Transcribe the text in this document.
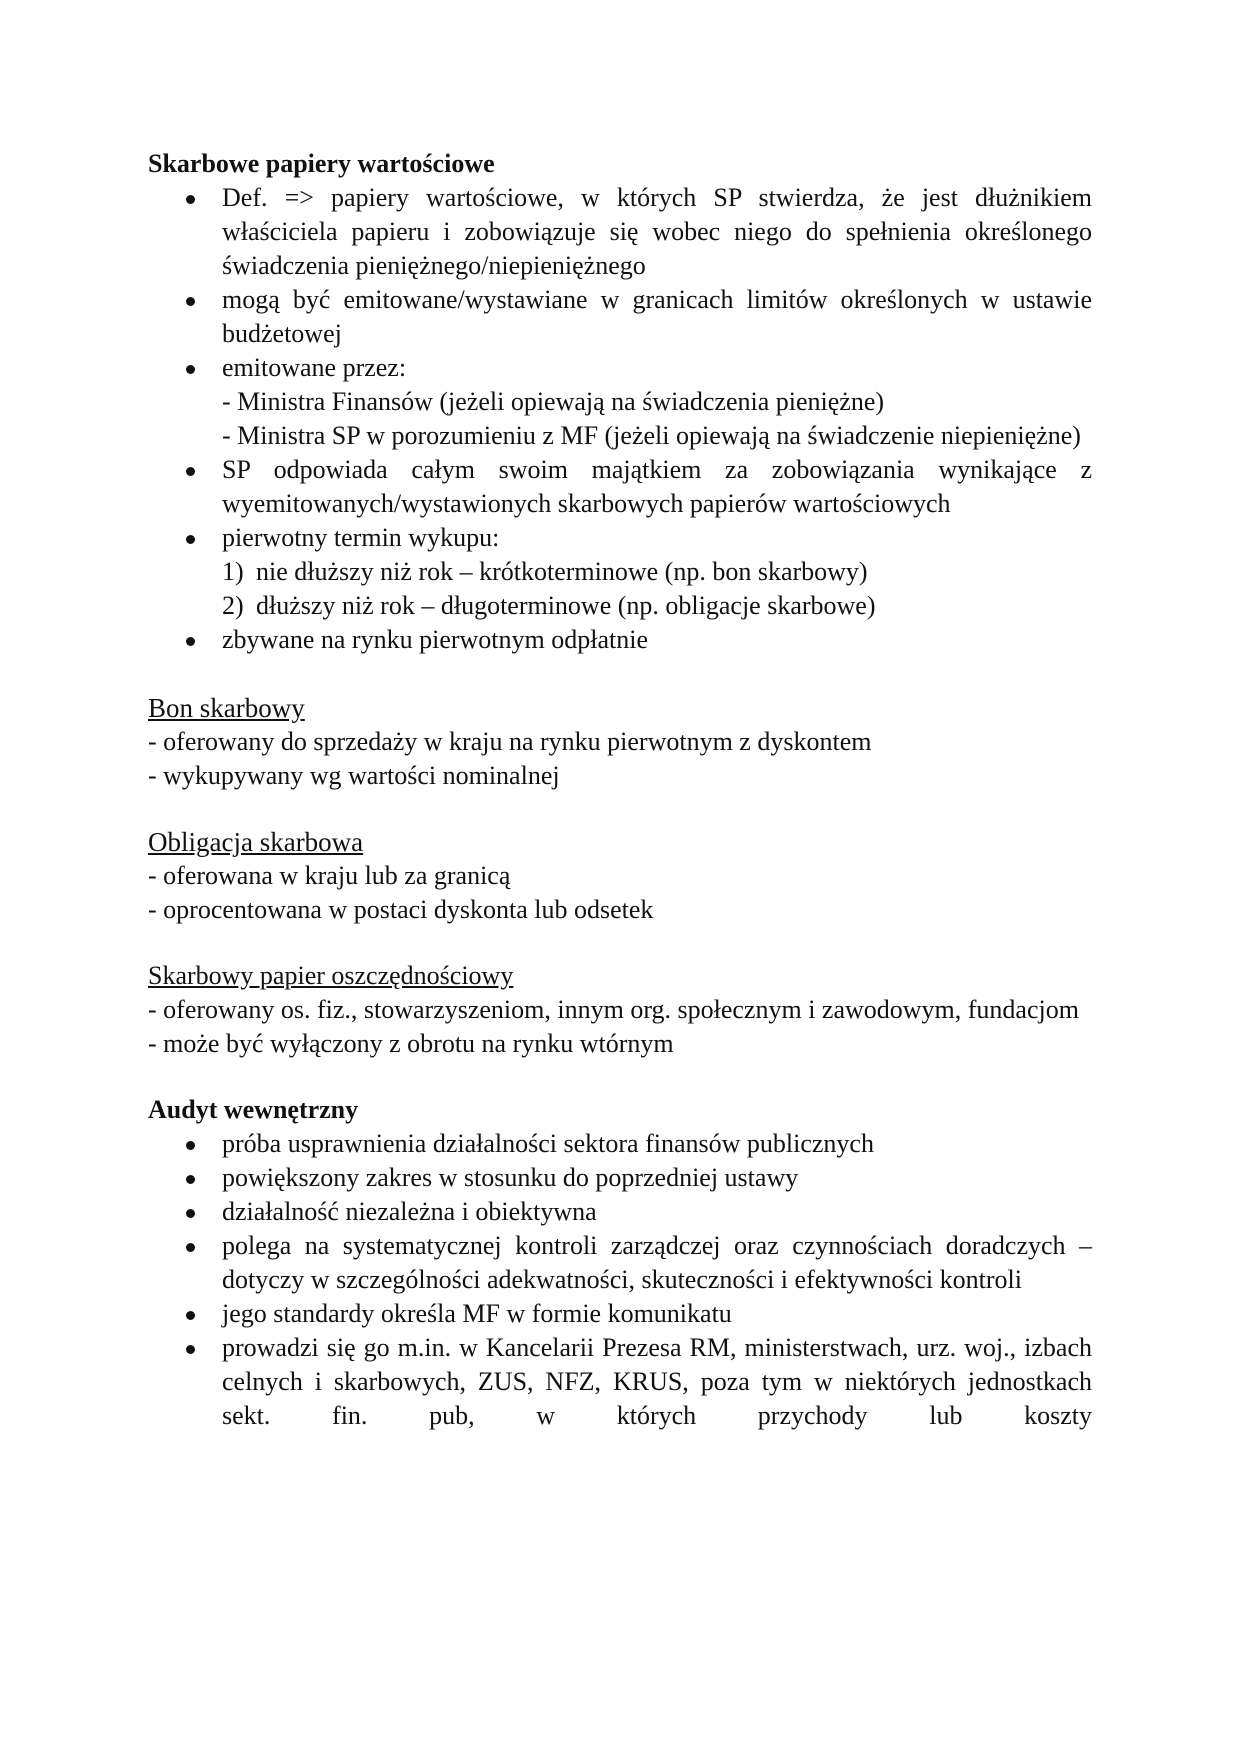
Skarbowe papiery wartościowe

Def. => papiery wartościowe, w których SP stwierdza, że jest dłużnikiem właściciela papieru i zobowiązuje się wobec niego do spełnienia określonego świadczenia pieniężnego/niepieniężnego
mogą być emitowane/wystawiane w granicach limitów określonych w ustawie budżetowej
emitowane przez:
- Ministra Finansów (jeżeli opiewają na świadczenia pieniężne)
- Ministra SP w porozumieniu z MF (jeżeli opiewają na świadczenie niepieniężne)
SP odpowiada całym swoim majątkiem za zobowiązania wynikające z wyemitowanych/wystawionych skarbowych papierów wartościowych
pierwotny termin wykupu:
1) nie dłuższy niż rok – krótkoterminowe (np. bon skarbowy)
2) dłuższy niż rok – długoterminowe (np. obligacje skarbowe)
zbywane na rynku pierwotnym odpłatnie

Bon skarbowy

- oferowany do sprzedaży w kraju na rynku pierwotnym z dyskontem

- wykupywany wg wartości nominalnej

Obligacja skarbowa

- oferowana w kraju lub za granicą

- oprocentowana w postaci dyskonta lub odsetek

Skarbowy papier oszczędnościowy

- oferowany os. fiz., stowarzyszeniom, innym org. społecznym i zawodowym, fundacjom

- może być wyłączony z obrotu na rynku wtórnym

Audyt wewnętrzny

próba usprawnienia działalności sektora finansów publicznych
powiększony zakres w stosunku do poprzedniej ustawy
działalność niezależna i obiektywna
polega na systematycznej kontroli zarządczej oraz czynnościach doradczych – dotyczy w szczególności adekwatności, skuteczności i efektywności kontroli
jego standardy określa MF w formie komunikatu
prowadzi się go m.in. w Kancelarii Prezesa RM, ministerstwach, urz. woj., izbach celnych i skarbowych, ZUS, NFZ, KRUS, poza tym w niektórych jednostkach sekt. fin. pub, w których przychody lub koszty
